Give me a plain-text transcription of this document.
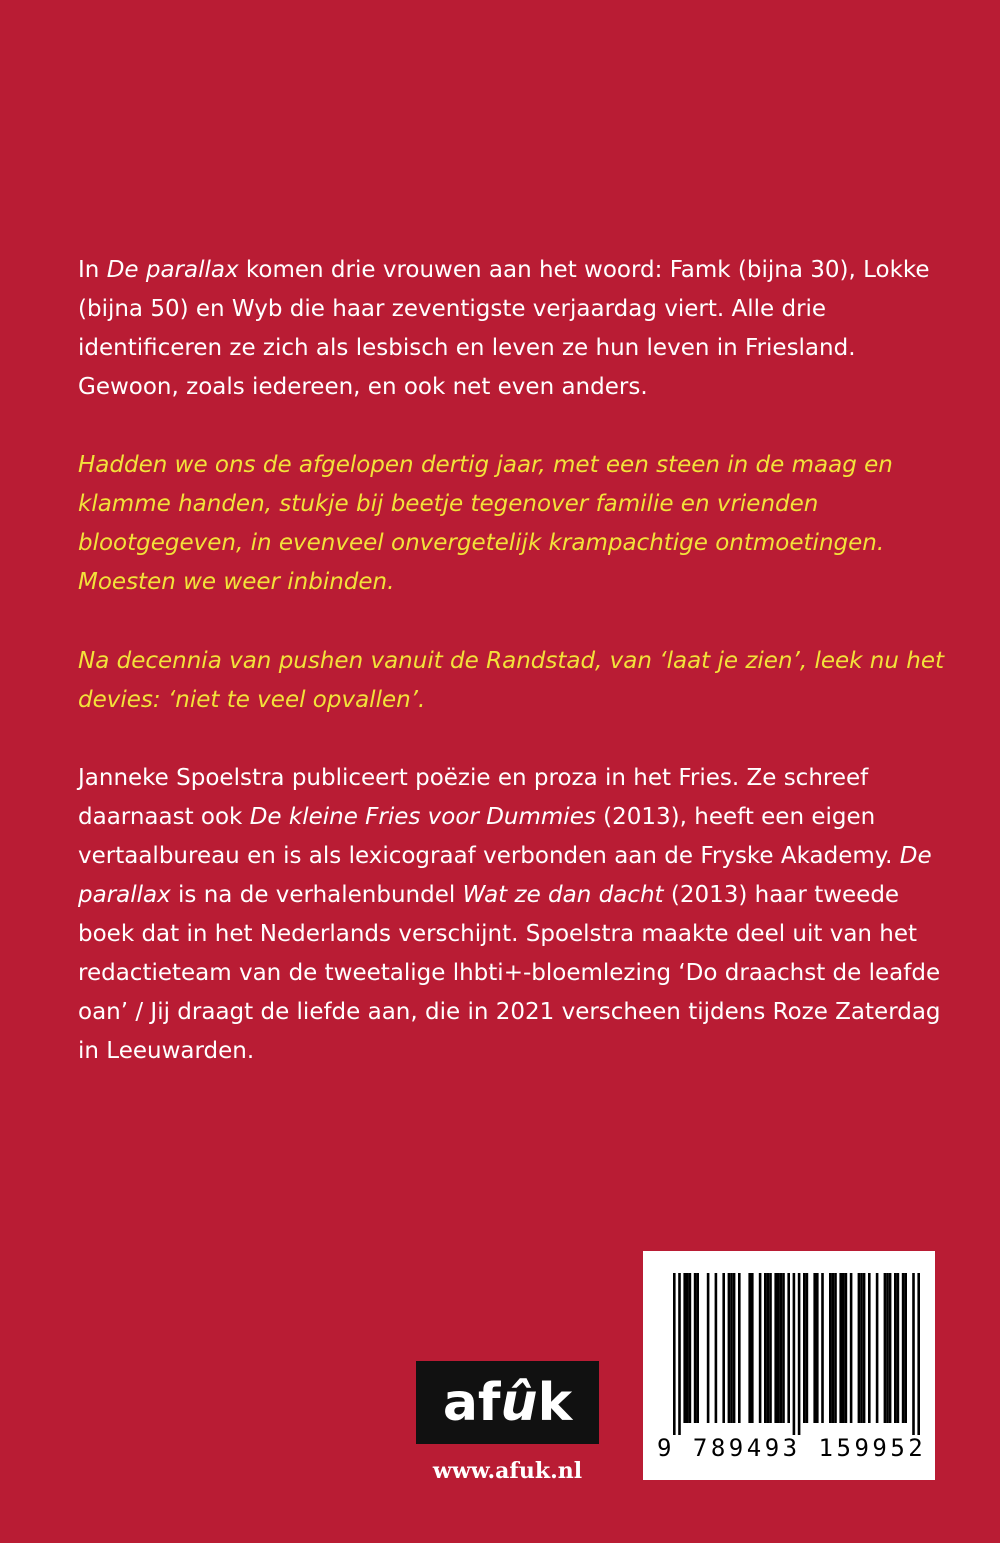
In De parallax komen drie vrouwen aan het woord: Famk (bijna 30), Lokke (bijna 50) en Wyb die haar zeventigste verjaardag viert. Alle drie identificeren ze zich als lesbisch en leven ze hun leven in Friesland. Gewoon, zoals iedereen, en ook net even anders.

Hadden we ons de afgelopen dertig jaar, met een steen in de maag en klamme handen, stukje bij beetje tegenover familie en vrienden blootgegeven, in evenveel onvergetelijk krampachtige ontmoetingen. Moesten we weer inbinden.

Na decennia van pushen vanuit de Randstad, van ‘laat je zien’, leek nu het devies: ‘niet te veel opvallen’.

Janneke Spoelstra publiceert poëzie en proza in het Fries. Ze schreef daarnaast ook De kleine Fries voor Dummies (2013), heeft een eigen vertaalbureau en is als lexicograaf verbonden aan de Fryske Akademy. De parallax is na de verhalenbundel Wat ze dan dacht (2013) haar tweede boek dat in het Nederlands verschijnt. Spoelstra maakte deel uit van het redactieteam van de tweetalige lhbti+-bloemlezing ‘Do draachst de leafde oan’ / Jij draagt de liefde aan, die in 2021 verscheen tijdens Roze Zaterdag in Leeuwarden.

9 789493 159952
afûk
www.afuk.nl
